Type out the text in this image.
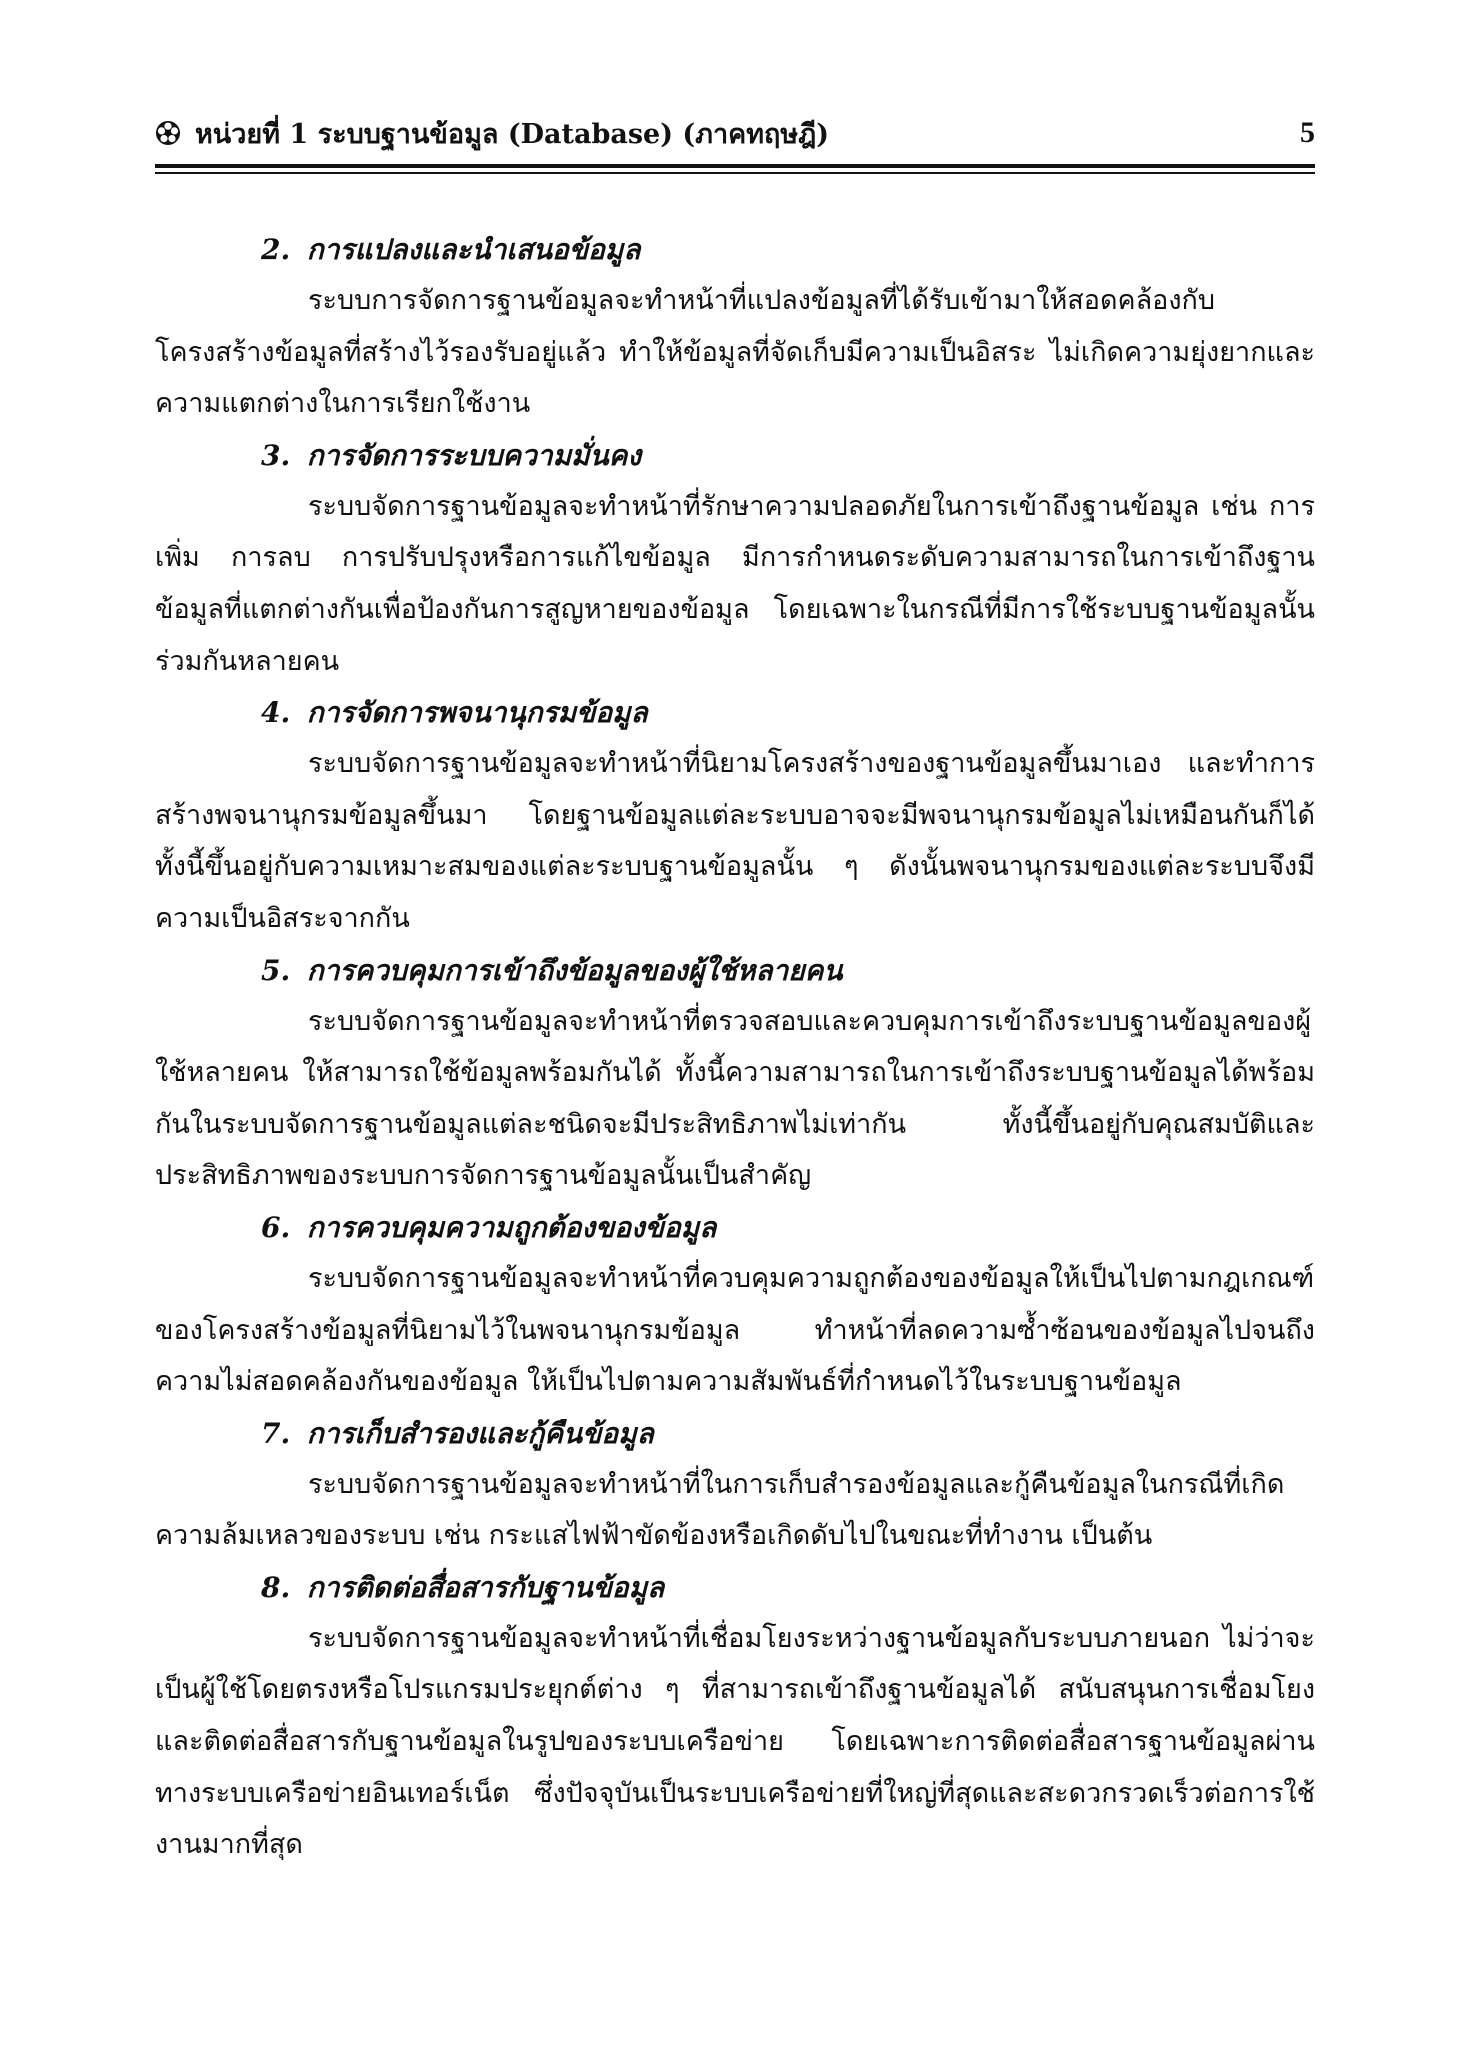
หน่วยที่ 1 ระบบฐานข้อมูล (Database) (ภาคทฤษฎี)	5
2. การแปลงและนำเสนอข้อมูล

ระบบการจัดการฐานข้อมูลจะทำหน้าที่แปลงข้อมูลที่ได้รับเข้ามาให้สอดคล้องกับโครงสร้างข้อมูลที่สร้างไว้รองรับอยู่แล้ว ทำให้ข้อมูลที่จัดเก็บมีความเป็นอิสระ ไม่เกิดความยุ่งยากและความแตกต่างในการเรียกใช้งาน

3. การจัดการระบบความมั่นคง

ระบบจัดการฐานข้อมูลจะทำหน้าที่รักษาความปลอดภัยในการเข้าถึงฐานข้อมูล เช่น การเพิ่ม การลบ การปรับปรุงหรือการแก้ไขข้อมูล มีการกำหนดระดับความสามารถในการเข้าถึงฐานข้อมูลที่แตกต่างกันเพื่อป้องกันการสูญหายของข้อมูล โดยเฉพาะในกรณีที่มีการใช้ระบบฐานข้อมูลนั้นร่วมกันหลายคน

4. การจัดการพจนานุกรมข้อมูล

ระบบจัดการฐานข้อมูลจะทำหน้าที่นิยามโครงสร้างของฐานข้อมูลขึ้นมาเอง และทำการสร้างพจนานุกรมข้อมูลขึ้นมา โดยฐานข้อมูลแต่ละระบบอาจจะมีพจนานุกรมข้อมูลไม่เหมือนกันก็ได้ ทั้งนี้ขึ้นอยู่กับความเหมาะสมของแต่ละระบบฐานข้อมูลนั้น ๆ ดังนั้นพจนานุกรมของแต่ละระบบจึงมีความเป็นอิสระจากกัน

5. การควบคุมการเข้าถึงข้อมูลของผู้ใช้หลายคน

ระบบจัดการฐานข้อมูลจะทำหน้าที่ตรวจสอบและควบคุมการเข้าถึงระบบฐานข้อมูลของผู้ใช้หลายคน ให้สามารถใช้ข้อมูลพร้อมกันได้ ทั้งนี้ความสามารถในการเข้าถึงระบบฐานข้อมูลได้พร้อมกันในระบบจัดการฐานข้อมูลแต่ละชนิดจะมีประสิทธิภาพไม่เท่ากัน ทั้งนี้ขึ้นอยู่กับคุณสมบัติและประสิทธิภาพของระบบการจัดการฐานข้อมูลนั้นเป็นสำคัญ

6. การควบคุมความถูกต้องของข้อมูล

ระบบจัดการฐานข้อมูลจะทำหน้าที่ควบคุมความถูกต้องของข้อมูลให้เป็นไปตามกฎเกณฑ์ของโครงสร้างข้อมูลที่นิยามไว้ในพจนานุกรมข้อมูล ทำหน้าที่ลดความซ้ำซ้อนของข้อมูลไปจนถึงความไม่สอดคล้องกันของข้อมูล ให้เป็นไปตามความสัมพันธ์ที่กำหนดไว้ในระบบฐานข้อมูล

7. การเก็บสำรองและกู้คืนข้อมูล

ระบบจัดการฐานข้อมูลจะทำหน้าที่ในการเก็บสำรองข้อมูลและกู้คืนข้อมูลในกรณีที่เกิดความล้มเหลวของระบบ เช่น กระแสไฟฟ้าขัดข้องหรือเกิดดับไปในขณะที่ทำงาน เป็นต้น

8. การติดต่อสื่อสารกับฐานข้อมูล

ระบบจัดการฐานข้อมูลจะทำหน้าที่เชื่อมโยงระหว่างฐานข้อมูลกับระบบภายนอก ไม่ว่าจะเป็นผู้ใช้โดยตรงหรือโปรแกรมประยุกต์ต่าง ๆ ที่สามารถเข้าถึงฐานข้อมูลได้ สนับสนุนการเชื่อมโยงและติดต่อสื่อสารกับฐานข้อมูลในรูปของระบบเครือข่าย โดยเฉพาะการติดต่อสื่อสารฐานข้อมูลผ่านทางระบบเครือข่ายอินเทอร์เน็ต ซึ่งปัจจุบันเป็นระบบเครือข่ายที่ใหญ่ที่สุดและสะดวกรวดเร็วต่อการใช้งานมากที่สุด
